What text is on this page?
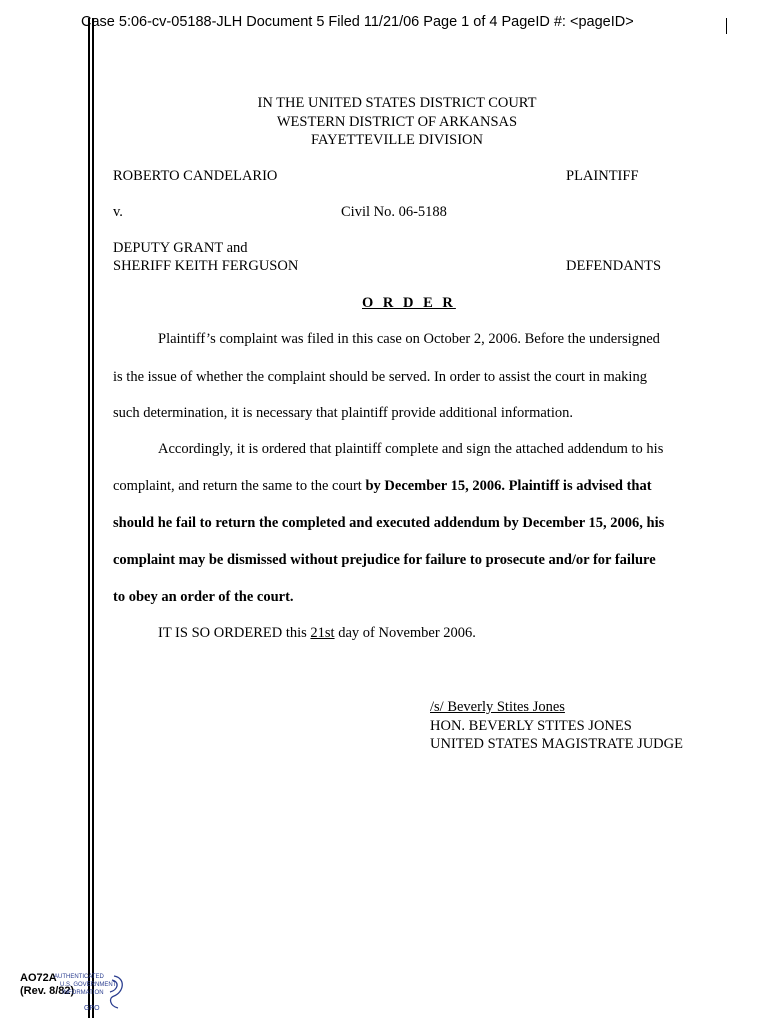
Case 5:06-cv-05188-JLH Document 5 Filed 11/21/06 Page 1 of 4 PageID #: <pageID>
IN THE UNITED STATES DISTRICT COURT
WESTERN DISTRICT OF ARKANSAS
FAYETTEVILLE DIVISION
ROBERTO CANDELARIO	PLAINTIFF
v.	Civil No. 06-5188
DEPUTY GRANT and
SHERIFF KEITH FERGUSON	DEFENDANTS
O R D E R
Plaintiff’s complaint was filed in this case on October 2, 2006. Before the undersigned
is the issue of whether the complaint should be served. In order to assist the court in making
such determination, it is necessary that plaintiff provide additional information.
Accordingly, it is ordered that plaintiff complete and sign the attached addendum to his
complaint, and return the same to the court by December 15, 2006. Plaintiff is advised that
should he fail to return the completed and executed addendum by December 15, 2006, his
complaint may be dismissed without prejudice for failure to prosecute and/or for failure
to obey an order of the court.
IT IS SO ORDERED this 21st day of November 2006.
/s/ Beverly Stites Jones
HON. BEVERLY STITES JONES
UNITED STATES MAGISTRATE JUDGE
AO72A
(Rev. 8/82)
AUTHENTICATED
U.S. GOVERNMENT
INFORMATION
GPO
